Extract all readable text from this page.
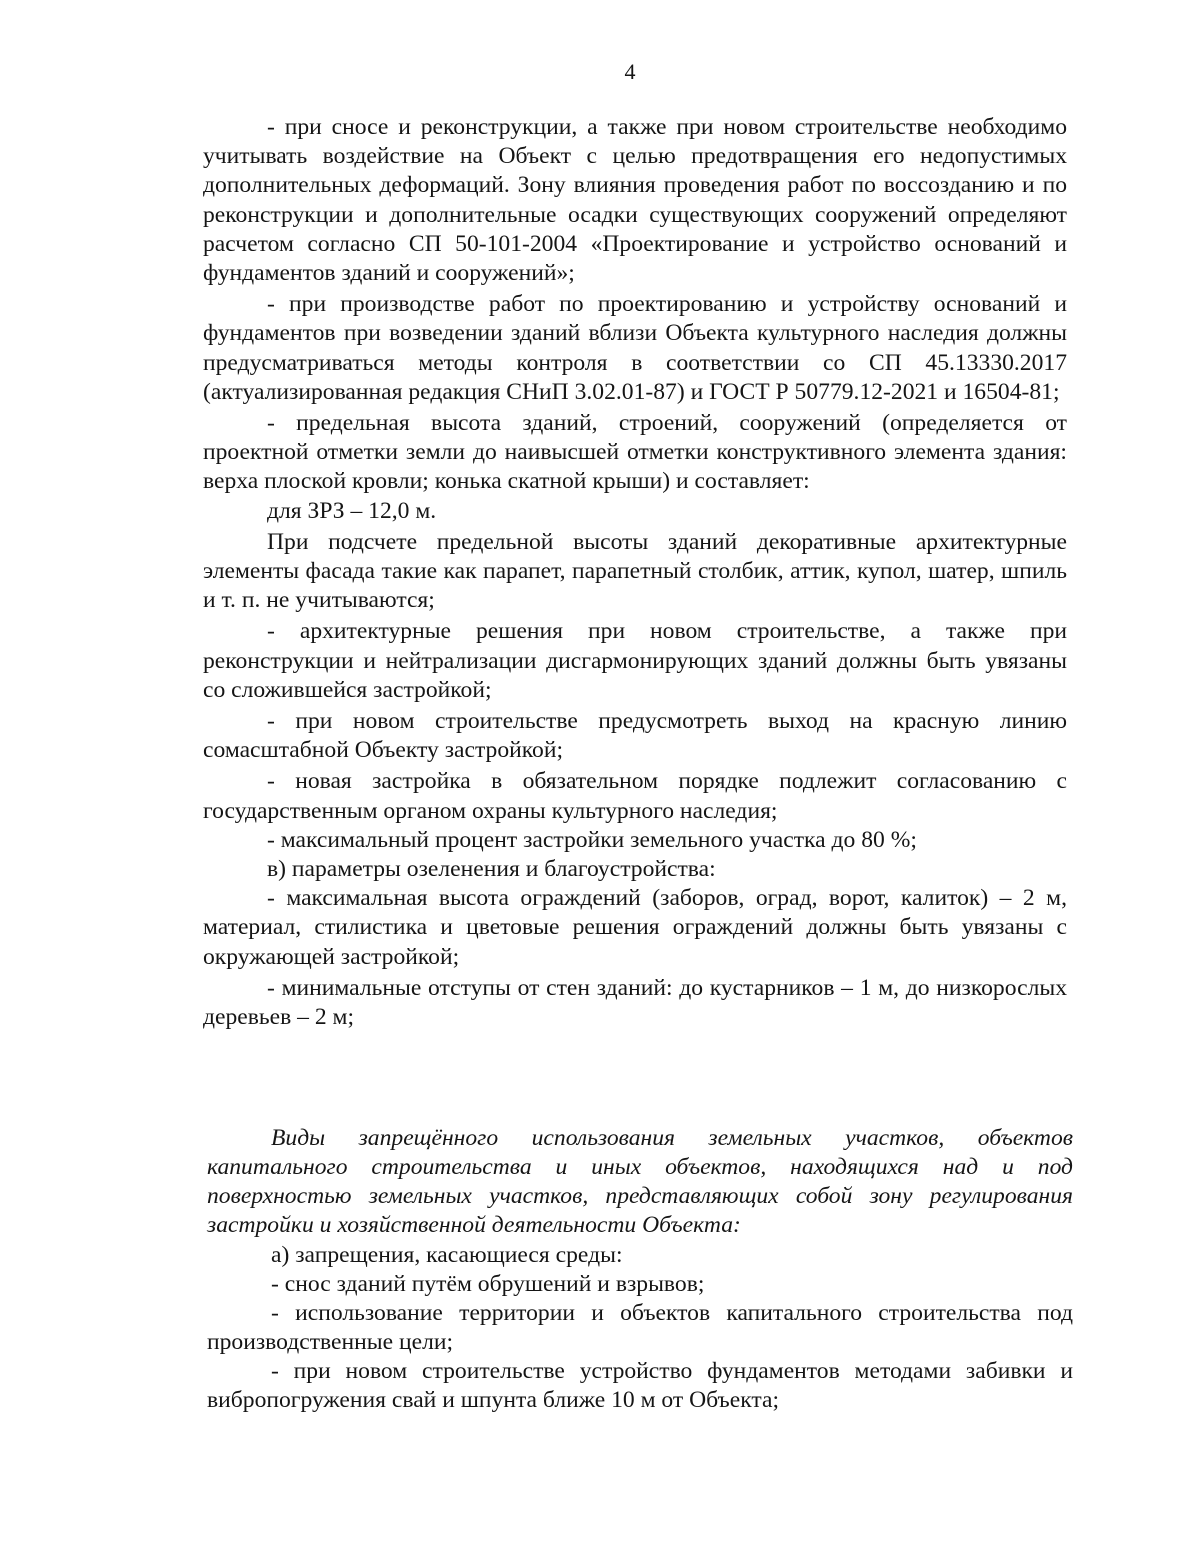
4

- при сносе и реконструкции, а также при новом строительстве необходимо учитывать воздействие на Объект с целью предотвращения его недопустимых дополнительных деформаций. Зону влияния проведения работ по воссозданию и по реконструкции и дополнительные осадки существующих сооружений определяют расчетом согласно СП 50-101-2004 «Проектирование и устройство оснований и фундаментов зданий и сооружений»;

- при производстве работ по проектированию и устройству оснований и фундаментов при возведении зданий вблизи Объекта культурного наследия должны предусматриваться методы контроля в соответствии со СП 45.13330.2017 (актуализированная редакция СНиП 3.02.01-87) и ГОСТ Р 50779.12-2021 и 16504-81;

- предельная высота зданий, строений, сооружений (определяется от проектной отметки земли до наивысшей отметки конструктивного элемента здания: верха плоской кровли; конька скатной крыши) и составляет:

для ЗРЗ – 12,0 м.

При подсчете предельной высоты зданий декоративные архитектурные элементы фасада такие как парапет, парапетный столбик, аттик, купол, шатер, шпиль и т. п. не учитываются;

- архитектурные решения при новом строительстве, а также при реконструкции и нейтрализации дисгармонирующих зданий должны быть увязаны со сложившейся застройкой;

- при новом строительстве предусмотреть выход на красную линию сомасштабной Объекту застройкой;

- новая застройка в обязательном порядке подлежит согласованию с государственным органом охраны культурного наследия;

- максимальный процент застройки земельного участка до 80 %;

в) параметры озеленения и благоустройства:

- максимальная высота ограждений (заборов, оград, ворот, калиток) – 2 м, материал, стилистика и цветовые решения ограждений должны быть увязаны с окружающей застройкой;

- минимальные отступы от стен зданий: до кустарников – 1 м, до низкорослых деревьев – 2 м;

Виды запрещённого использования земельных участков, объектов капитального строительства и иных объектов, находящихся над и под поверхностью земельных участков, представляющих собой зону регулирования застройки и хозяйственной деятельности Объекта:

а) запрещения, касающиеся среды:

- снос зданий путём обрушений и взрывов;

- использование территории и объектов капитального строительства под производственные цели;

- при новом строительстве устройство фундаментов методами забивки и вибропогружения свай и шпунта ближе 10 м от Объекта;
